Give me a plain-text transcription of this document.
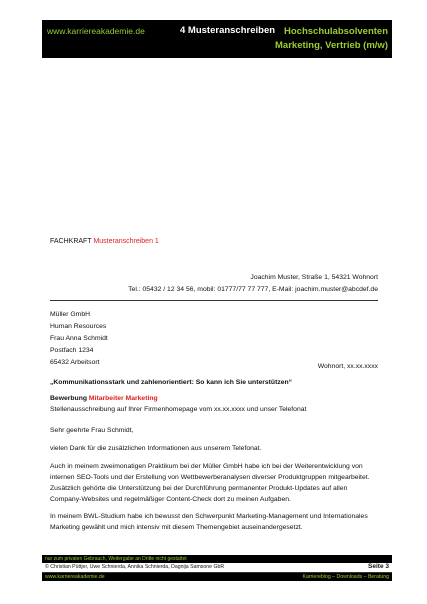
www.karriereakademie.de	4 Musteranschreiben Hochschulabsolventen
Marketing, Vertrieb (m/w)
FACHKRAFT Musteranschreiben 1
Joachim Muster, Straße 1, 54321 Wohnort
Tel.: 05432 / 12 34 56, mobil: 01777/77 77 777, E-Mail: joachim.muster@abcdef.de
Müller GmbH
Human Resources
Frau Anna Schmidt
Postfach 1234
65432 Arbeitsort
Wohnort, xx.xx.xxxx
„Kommunikationsstark und zahlenorientiert: So kann ich Sie unterstützen“
Bewerbung Mitarbeiter Marketing
Stellenausschreibung auf Ihrer Firmenhomepage vom xx.xx.xxxx und unser Telefonat
Sehr geehrte Frau Schmidt,
vielen Dank für die zusätzlichen Informationen aus unserem Telefonat.
Auch in meinem zweimonatigen Praktikum bei der Müller GmbH habe ich bei der Weiterentwicklung von internen SEO-Tools und der Erstellung von Wettbewerberanalysen diverser Produktgruppen mitgearbeitet. Zusätzlich gehörte die Unterstützung bei der Durchführung permanenter Produkt-Updates auf allen Company-Websites und regelmäßiger Content-Check dort zu meinen Aufgaben.
In meinem BWL-Studium habe ich bewusst den Schwerpunkt Marketing-Management und Internationales Marketing gewählt und mich intensiv mit diesem Themengebiet auseinandergesetzt.
nur zum privaten Gebrauch, Weitergabe an Dritte nicht gestattet
© Christian Püttjer, Uwe Schnierda, Annika Schnierda, Dagnija Samsone GbR	Seite 3
www.karriereakademie.de	Karriereblog – Downloads – Beratung
